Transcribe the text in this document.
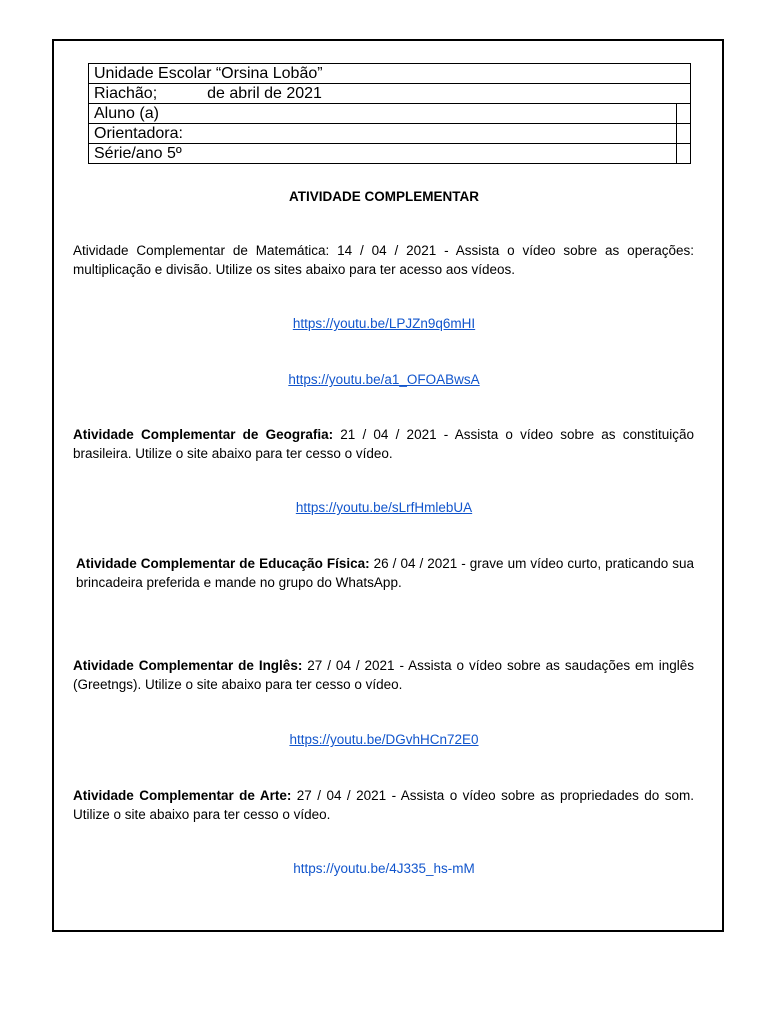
Unidade Escolar “Orsina Lobão”	
Riachão; de abril de 2021	
Aluno (a)	
Orientadora:	
Série/ano 5º	
ATIVIDADE COMPLEMENTAR
Atividade Complementar de Matemática: 14 / 04 / 2021 - Assista o vídeo sobre as operações: multiplicação e divisão. Utilize os sites abaixo para ter acesso aos vídeos.
https://youtu.be/LPJZn9q6mHI
https://youtu.be/a1_OFOABwsA
Atividade Complementar de Geografia: 21 / 04 / 2021 - Assista o vídeo sobre as constituição brasileira. Utilize o site abaixo para ter cesso o vídeo.
https://youtu.be/sLrfHmlebUA
Atividade Complementar de Educação Física: 26 / 04 / 2021 - grave um vídeo curto, praticando sua brincadeira preferida e mande no grupo do WhatsApp.
Atividade Complementar de Inglês: 27 / 04 / 2021 - Assista o vídeo sobre as saudações em inglês (Greetngs). Utilize o site abaixo para ter cesso o vídeo.
https://youtu.be/DGvhHCn72E0
Atividade Complementar de Arte: 27 / 04 / 2021 - Assista o vídeo sobre as propriedades do som. Utilize o site abaixo para ter cesso o vídeo.
https://youtu.be/4J335_hs-mM
